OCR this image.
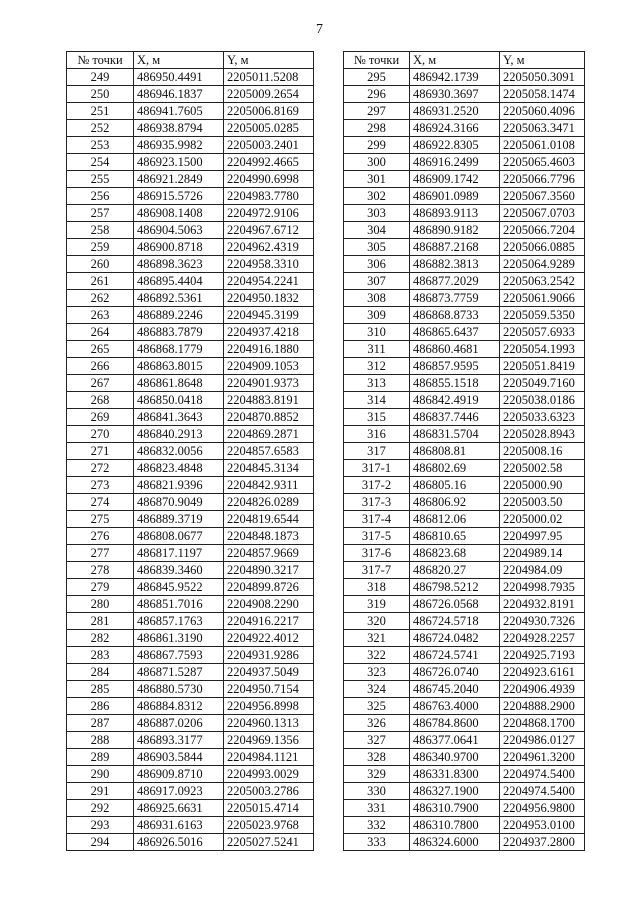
7
№ точки	X, м	Y, м
249	486950.4491	2205011.5208
250	486946.1837	2205009.2654
251	486941.7605	2205006.8169
252	486938.8794	2205005.0285
253	486935.9982	2205003.2401
254	486923.1500	2204992.4665
255	486921.2849	2204990.6998
256	486915.5726	2204983.7780
257	486908.1408	2204972.9106
258	486904.5063	2204967.6712
259	486900.8718	2204962.4319
260	486898.3623	2204958.3310
261	486895.4404	2204954.2241
262	486892.5361	2204950.1832
263	486889.2246	2204945.3199
264	486883.7879	2204937.4218
265	486868.1779	2204916.1880
266	486863.8015	2204909.1053
267	486861.8648	2204901.9373
268	486850.0418	2204883.8191
269	486841.3643	2204870.8852
270	486840.2913	2204869.2871
271	486832.0056	2204857.6583
272	486823.4848	2204845.3134
273	486821.9396	2204842.9311
274	486870.9049	2204826.0289
275	486889.3719	2204819.6544
276	486808.0677	2204848.1873
277	486817.1197	2204857.9669
278	486839.3460	2204890.3217
279	486845.9522	2204899.8726
280	486851.7016	2204908.2290
281	486857.1763	2204916.2217
282	486861.3190	2204922.4012
283	486867.7593	2204931.9286
284	486871.5287	2204937.5049
285	486880.5730	2204950.7154
286	486884.8312	2204956.8998
287	486887.0206	2204960.1313
288	486893.3177	2204969.1356
289	486903.5844	2204984.1121
290	486909.8710	2204993.0029
291	486917.0923	2205003.2786
292	486925.6631	2205015.4714
293	486931.6163	2205023.9768
294	486926.5016	2205027.5241
№ точки	X, м	Y, м
295	486942.1739	2205050.3091
296	486930.3697	2205058.1474
297	486931.2520	2205060.4096
298	486924.3166	2205063.3471
299	486922.8305	2205061.0108
300	486916.2499	2205065.4603
301	486909.1742	2205066.7796
302	486901.0989	2205067.3560
303	486893.9113	2205067.0703
304	486890.9182	2205066.7204
305	486887.2168	2205066.0885
306	486882.3813	2205064.9289
307	486877.2029	2205063.2542
308	486873.7759	2205061.9066
309	486868.8733	2205059.5350
310	486865.6437	2205057.6933
311	486860.4681	2205054.1993
312	486857.9595	2205051.8419
313	486855.1518	2205049.7160
314	486842.4919	2205038.0186
315	486837.7446	2205033.6323
316	486831.5704	2205028.8943
317	486808.81	2205008.16
317-1	486802.69	2205002.58
317-2	486805.16	2205000.90
317-3	486806.92	2205003.50
317-4	486812.06	2205000.02
317-5	486810.65	2204997.95
317-6	486823.68	2204989.14
317-7	486820.27	2204984.09
318	486798.5212	2204998.7935
319	486726.0568	2204932.8191
320	486724.5718	2204930.7326
321	486724.0482	2204928.2257
322	486724.5741	2204925.7193
323	486726.0740	2204923.6161
324	486745.2040	2204906.4939
325	486763.4000	2204888.2900
326	486784.8600	2204868.1700
327	486377.0641	2204986.0127
328	486340.9700	2204961.3200
329	486331.8300	2204974.5400
330	486327.1900	2204974.5400
331	486310.7900	2204956.9800
332	486310.7800	2204953.0100
333	486324.6000	2204937.2800
